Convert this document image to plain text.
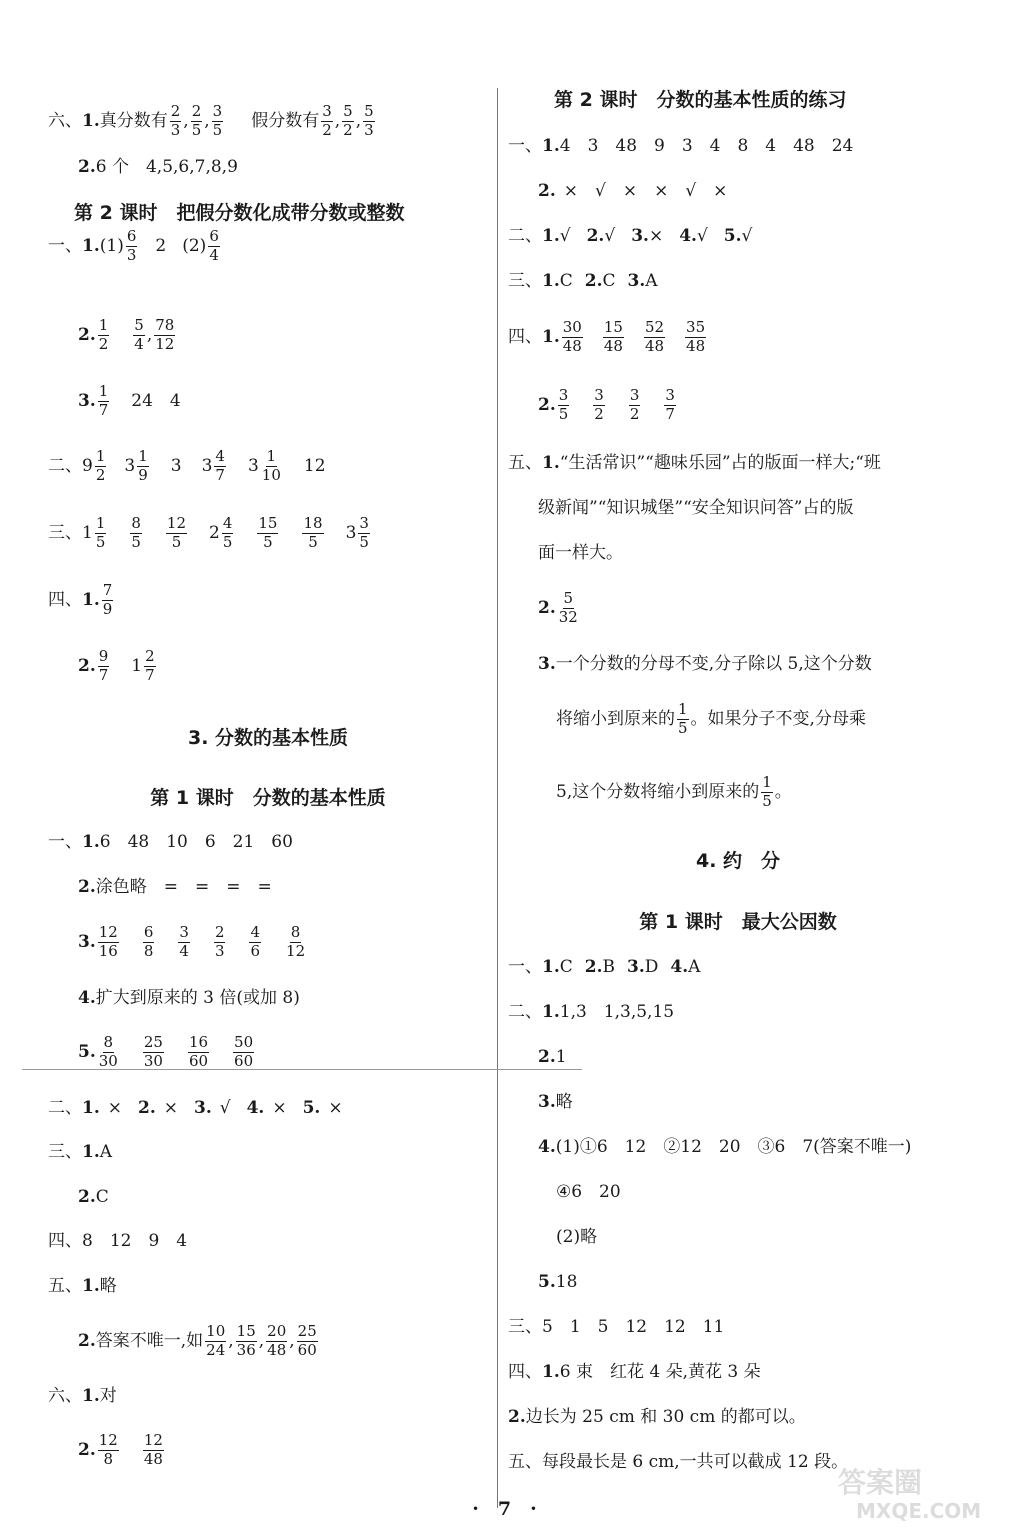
六、 1. 真分数有 $\frac{2}{3}$ , $\frac{2}{5}$ , $\frac{3}{5}$ 假分数有 $\frac{3}{2}$ , $\frac{5}{2}$ , $\frac{5}{3}$
2. 6 个　4,5,6,7,8,9
第 2 课时　把假分数化成带分数或整数
一、 1. $(1) \frac{6}{3} 2$ $(2) \frac{6}{4}$
2. $\frac{1}{2} \frac{5}{4}$ , $\frac{78}{12}$
3. $\frac{1}{7} 24$　4
二、 $9 \frac{1}{2} 3 \frac{1}{9} 3$ $3 \frac{4}{7} 3 \frac{1}{10} 12$
三、 $1 \frac{1}{5} \frac{8}{5} \frac{12}{5} 2 \frac{4}{5} \frac{15}{5} \frac{18}{5} 3 \frac{3}{5}$
四、 1. $\frac{7}{9}$
2. $\frac{9}{7} 1 \frac{2}{7}$
3. 分数的基本性质
第 1 课时　分数的基本性质
一、 1. 6　48　10　6　21　60
2. 涂色略　=　=　=　=
3. $\frac{12}{16} \frac{6}{8} \frac{3}{4} \frac{2}{3} \frac{4}{6} \frac{8}{12}$
4. 扩大到原来的 3 倍(或加 8)
5. $\frac{8}{30} \frac{25}{30} \frac{16}{60} \frac{50}{60}$
二、 1. × 2. × 3. √ 4. × 5. ×
三、 1. A
2. C
四、 8　12　9　4
五、 1. 略
2. 答案不唯一,如 $\frac{10}{24}$ , $\frac{15}{36}$ , $\frac{20}{48}$ , $\frac{25}{60}$
六、 1. 对
2. $\frac{12}{8} \frac{12}{48}$
第 2 课时　分数的基本性质的练习
一、 1. 4　3　48　9　3　4　8　4　48　24
2. ×　√　×　×　√　×
二、 1. √ 2. √ 3. × 4. √ 5. √
三、 1. C 2. C 3. A
四、 1. $\frac{30}{48} \frac{15}{48} \frac{52}{48} \frac{35}{48}$
2. $\frac{3}{5} \frac{3}{2} \frac{3}{2} \frac{3}{7}$
五、 1. “生活常识”“趣味乐园”占的版面一样大;“班
级新闻”“知识城堡”“安全知识问答”占的版
面一样大。
2. $\frac{5}{32}$
3. 一个分数的分母不变,分子除以 5,这个分数
将缩小到原来的 $\frac{1}{5}$ 。如果分子不变,分母乘
5,这个分数将缩小到原来的 $\frac{1}{5}$ 。
4. 约　分
第 1 课时　最大公因数
一、 1. C 2. B 3. D 4. A
二、 1. 1,3　1,3,5,15
2. 1
3. 略
4. (1)①6　12　②12　20　③6　7(答案不唯一)
④6　20
(2)略
5. 18
三、 5　1　5　12　12　11
四、 1. 6 束　红花 4 朵,黄花 3 朵
2. 边长为 25 cm 和 30 cm 的都可以。
五、 每段最长是 6 cm,一共可以截成 12 段。
·　7　·
答案圈
MXQE.COM
